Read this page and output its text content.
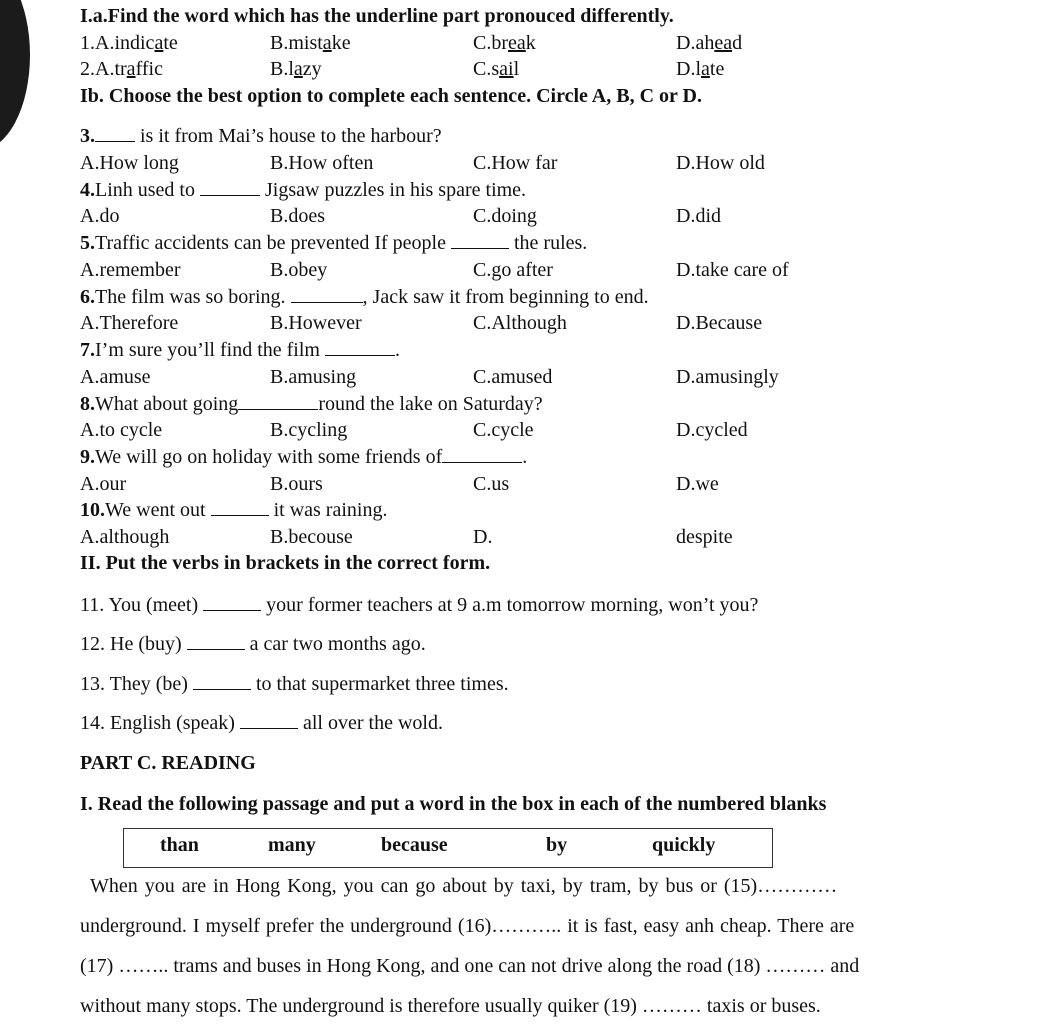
I.a.Find the word which has the underline part pronouced differently.
1.A.indicate	B.mistake	C.break	D.ahead
2.A.traffic	B.lazy	C.sail	D.late
Ib. Choose the best option to complete each sentence. Circle A, B, C or D.
3. is it from Mai’s house to the harbour?
A.How long	B.How often	C.How far	D.How old
4.Linh used to	Jigsaw puzzles in his spare time.
A.do	B.does	C.doing	D.did
5.Traffic accidents can be prevented If people	the rules.
A.remember	B.obey	C.go after	D.take care of
6.The film was so boring.	, Jack saw it from beginning to end.
A.Therefore	B.However	C.Although	D.Because
7.I’m sure you’ll find the film	.
A.amuse	B.amusing	C.amused	D.amusingly
8.What about going	round the lake on Saturday?
A.to cycle	B.cycling	C.cycle	D.cycled
9.We will go on holiday with some friends of	.
A.our	B.ours	C.us	D.we
10.We went out	it was raining.
A.although	B.becouse	D.	despite
II. Put the verbs in brackets in the correct form.
11. You (meet)	your former teachers at 9 a.m tomorrow morning, won’t you?
12. He (buy)	a car two months ago.
13. They (be)	to that supermarket three times.
14. English (speak)	all over the wold.
PART C. READING
I. Read the following passage and put a word in the box in each of the numbered blanks
than	many	because	by	quickly
When you are in Hong Kong, you can go about by taxi, by tram, by bus or (15)…………
underground. I myself prefer the underground (16)……….. it is fast, easy anh cheap. There are
(17) …….. trams and buses in Hong Kong, and one can not drive along the road (18) ……… and
without many stops. The underground is therefore usually quiker (19) ……… taxis or buses.
